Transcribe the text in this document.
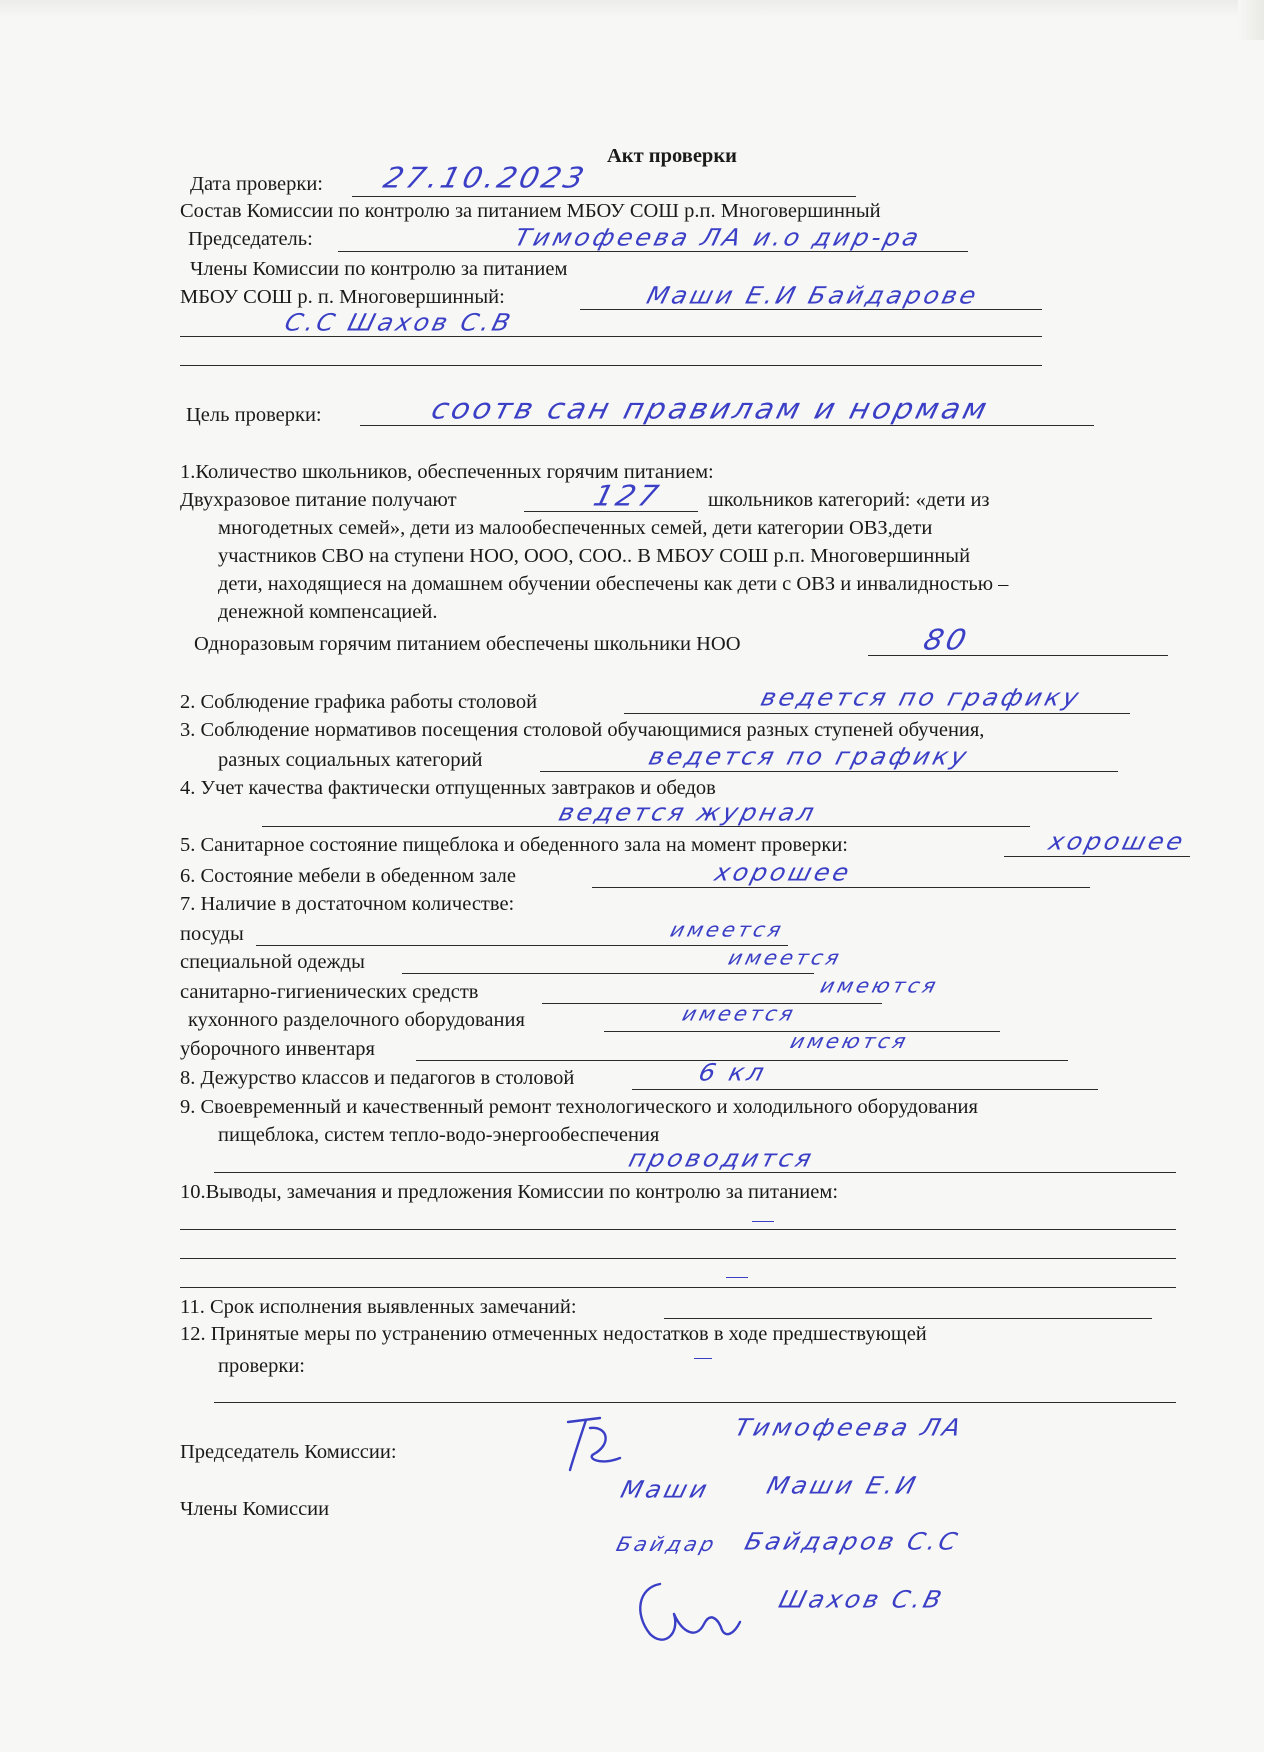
Акт проверки
Дата проверки: 27.10.2023
Состав Комиссии по контролю за питанием МБОУ СОШ р.п. Многовершинный
Председатель:	Тимофеева ЛА и.о дир-ра
Члены Комиссии по контролю за питанием
МБОУ СОШ р. п. Многовершинный:	Маши Е.И Байдарове
С.С Шахов С.В
Цель проверки:	соотв сан правилам и нормам
1.Количество школьников, обеспеченных горячим питанием:
Двухразовое питание получают	127 школьников категорий: «дети из
многодетных семей», дети из малообеспеченных семей, дети категории ОВЗ,дети
участников СВО на ступени НОО, ООО, СОО.. В МБОУ СОШ р.п. Многовершинный
дети, находящиеся на домашнем обучении обеспечены как дети с ОВЗ и инвалидностью –
денежной компенсацией.
Одноразовым горячим питанием обеспечены школьники НОО	80
2. Соблюдение графика работы столовой	ведется по графику
3. Соблюдение нормативов посещения столовой обучающимися разных ступеней обучения,
разных социальных категорий	ведется по графику
4. Учет качества фактически отпущенных завтраков и обедов
ведется журнал
5. Санитарное состояние пищеблока и обеденного зала на момент проверки:	хорошее
6. Состояние мебели в обеденном зале	хорошее
7. Наличие в достаточном количестве:
посуды	имеется
специальной одежды	имеется
санитарно-гигиенических средств	имеются
кухонного разделочного оборудования	имеется
уборочного инвентаря	имеются
8. Дежурство классов и педагогов в столовой	6 кл
9. Своевременный и качественный ремонт технологического и холодильного оборудования
пищеблока, систем тепло-водо-энергообеспечения
проводится
10.Выводы, замечания и предложения Комиссии по контролю за питанием:
11. Срок исполнения выявленных замечаний:
12. Принятые меры по устранению отмеченных недостатков в ходе предшествующей
проверки:
Председатель Комиссии:
Члены Комиссии
Тимофеева ЛА
Маши Маши Е.И
Байдар Байдаров С.С
Шахов С.В
